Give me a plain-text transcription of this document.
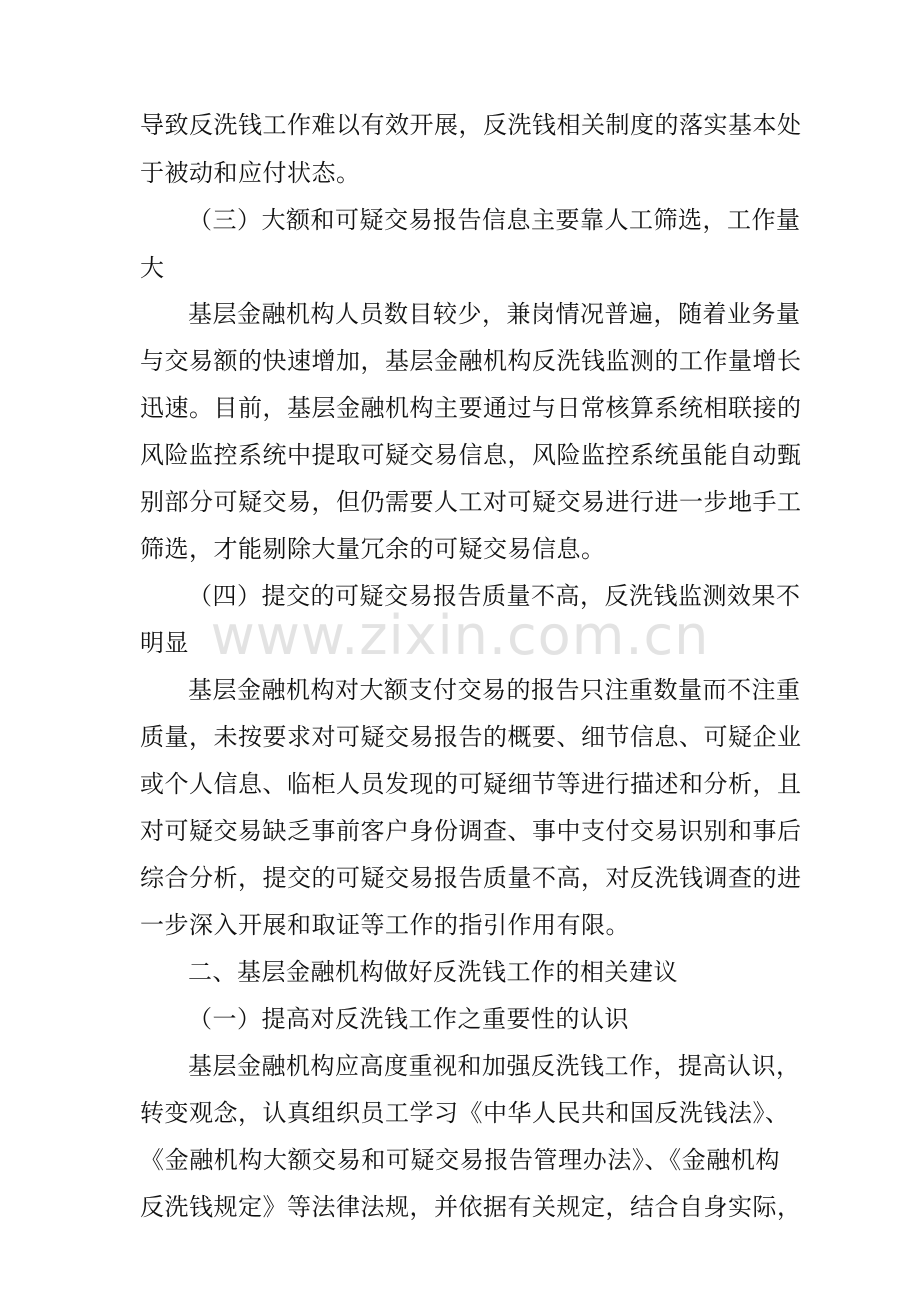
导致反洗钱工作难以有效开展，反洗钱相关制度的落实基本处
于被动和应付状态。
（三）大额和可疑交易报告信息主要靠人工筛选，工作量
大
基层金融机构人员数目较少，兼岗情况普遍，随着业务量
与交易额的快速增加，基层金融机构反洗钱监测的工作量增长
迅速。目前，基层金融机构主要通过与日常核算系统相联接的
风险监控系统中提取可疑交易信息，风险监控系统虽能自动甄
别部分可疑交易，但仍需要人工对可疑交易进行进一步地手工
筛选，才能剔除大量冗余的可疑交易信息。
（四）提交的可疑交易报告质量不高，反洗钱监测效果不
明显
基层金融机构对大额支付交易的报告只注重数量而不注重
质量，未按要求对可疑交易报告的概要、细节信息、可疑企业
或个人信息、临柜人员发现的可疑细节等进行描述和分析，且
对可疑交易缺乏事前客户身份调查、事中支付交易识别和事后
综合分析，提交的可疑交易报告质量不高，对反洗钱调查的进
一步深入开展和取证等工作的指引作用有限。
二、基层金融机构做好反洗钱工作的相关建议
（一）提高对反洗钱工作之重要性的认识
基层金融机构应高度重视和加强反洗钱工作，提高认识，
转变观念，认真组织员工学习《中华人民共和国反洗钱法》、
《金融机构大额交易和可疑交易报告管理办法》、《金融机构
反洗钱规定》等法律法规，并依据有关规定，结合自身实际，
www.zixin.com.cn
